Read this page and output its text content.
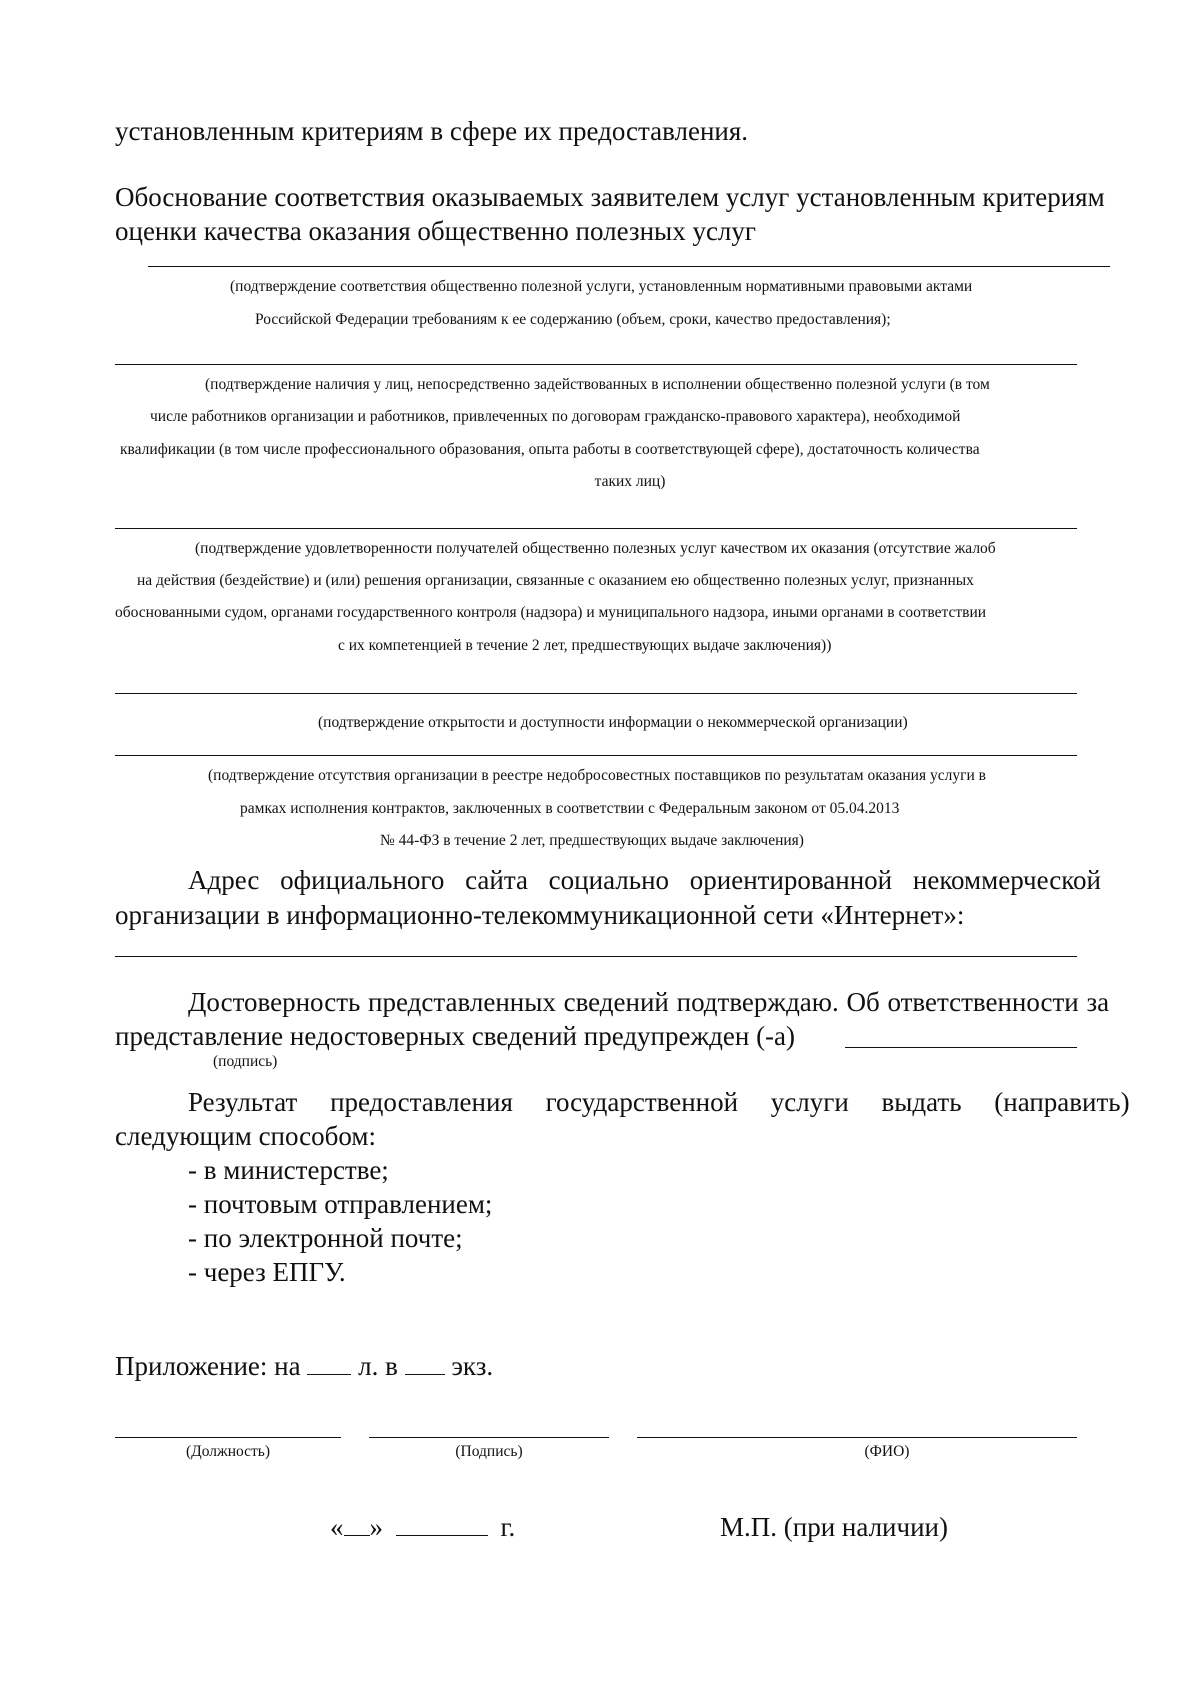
установленным критериям в сфере их предоставления.
Обоснование соответствия оказываемых заявителем услуг установленным критериям
оценки качества оказания общественно полезных услуг
(подтверждение соответствия общественно полезной услуги, установленным нормативными правовыми актами
Российской Федерации требованиям к ее содержанию (объем, сроки, качество предоставления);
(подтверждение наличия у лиц, непосредственно задействованных в исполнении общественно полезной услуги (в том
числе работников организации и работников, привлеченных по договорам гражданско-правового характера), необходимой
квалификации (в том числе профессионального образования, опыта работы в соответствующей сфере), достаточность количества
таких лиц)
(подтверждение удовлетворенности получателей общественно полезных услуг качеством их оказания (отсутствие жалоб
на действия (бездействие) и (или) решения организации, связанные с оказанием ею общественно полезных услуг, признанных
обоснованными судом, органами государственного контроля (надзора) и муниципального надзора, иными органами в соответствии
с их компетенцией в течение 2 лет, предшествующих выдаче заключения))
(подтверждение открытости и доступности информации о некоммерческой организации)
(подтверждение отсутствия организации в реестре недобросовестных поставщиков по результатам оказания услуги в
рамках исполнения контрактов, заключенных в соответствии с Федеральным законом от 05.04.2013
№ 44-ФЗ в течение 2 лет, предшествующих выдаче заключения)
Адрес официального сайта социально ориентированной некоммерческой
организации в информационно-телекоммуникационной сети «Интернет»:
Достоверность представленных сведений подтверждаю. Об ответственности за
представление недостоверных сведений предупрежден (-а)
(подпись)
Результат предоставления государственной услуги выдать (направить)
следующим способом:
- в министерстве;
- почтовым отправлением;
- по электронной почте;
- через ЕПГУ.
Приложение: на л. в экз.
(Должность)	(Подпись)	(ФИО)
« »	г.	М.П. (при наличии)
